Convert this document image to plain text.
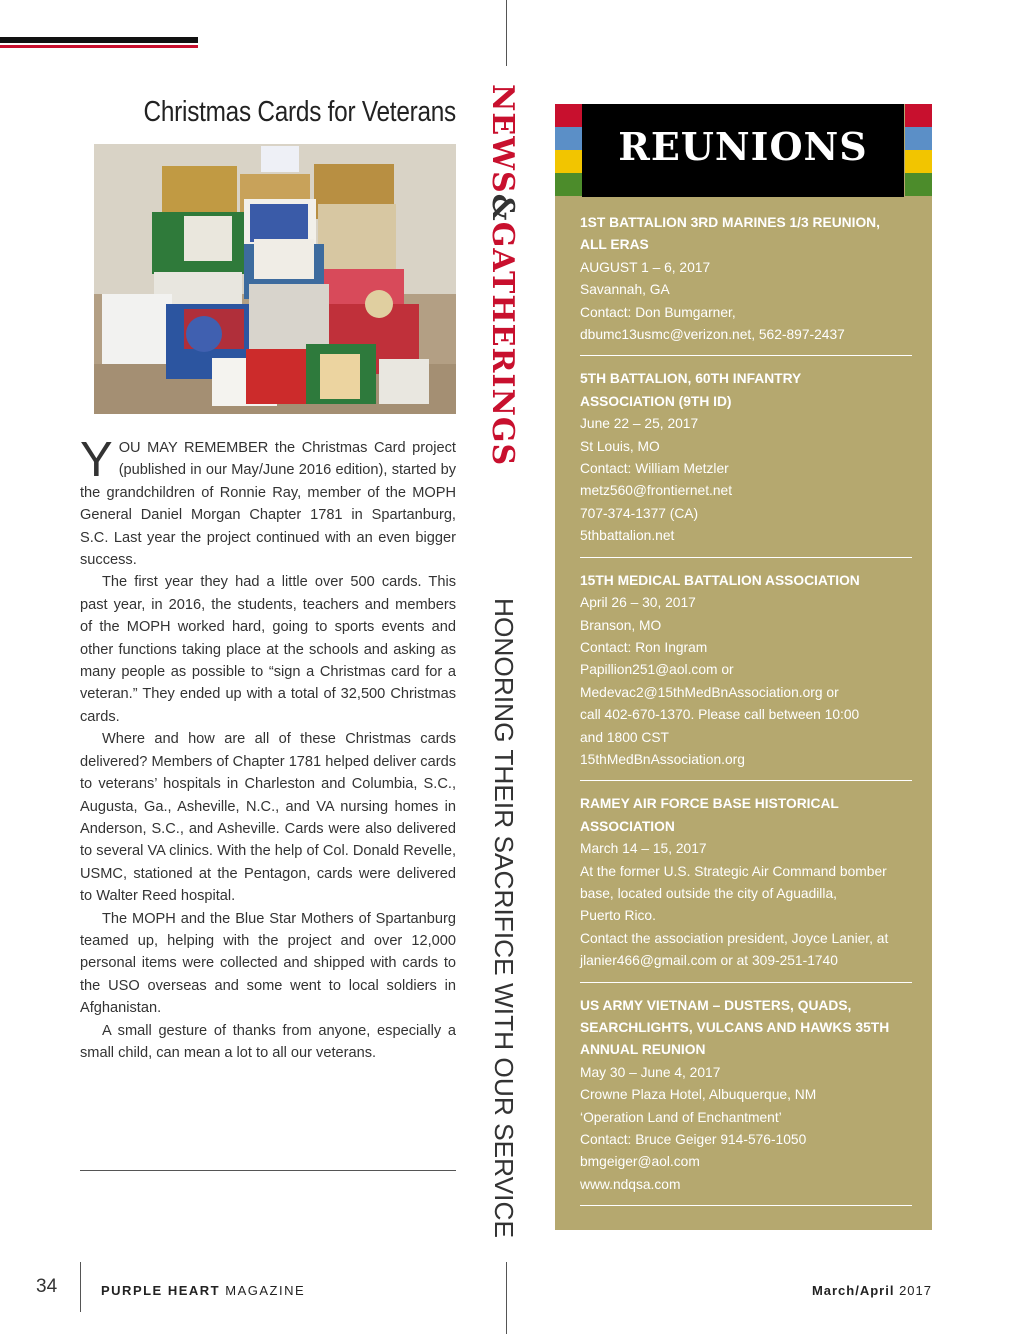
Christmas Cards for Veterans

YOU MAY REMEMBER the Christmas Card project (published in our May/June 2016 edition), started by the grandchildren of Ronnie Ray, member of the MOPH General Daniel Morgan Chapter 1781 in Spartanburg, S.C. Last year the project continued with an even bigger success.

The first year they had a little over 500 cards. This past year, in 2016, the students, teachers and members of the MOPH worked hard, going to sports events and other functions taking place at the schools and asking as many people as possible to “sign a Christmas card for a veteran.” They ended up with a total of 32,500 Christmas cards.

Where and how are all of these Christmas cards delivered? Members of Chapter 1781 helped deliver cards to veterans’ hospitals in Charleston and Columbia, S.C., Augusta, Ga., Asheville, N.C., and VA nursing homes in Anderson, S.C., and Asheville. Cards were also delivered to several VA clinics. With the help of Col. Donald Revelle, USMC, stationed at the Pentagon, cards were delivered to Walter Reed hospital.

The MOPH and the Blue Star Mothers of Spartanburg teamed up, helping with the project and over 12,000 personal items were collected and shipped with cards to the USO overseas and some went to local soldiers in Afghanistan.

A small gesture of thanks from anyone, especially a small child, can mean a lot to all our veterans.

NEWS&GATHERINGS
HONORING THEIR SACRIFICE WITH OUR SERVICE
REUNIONS
1ST BATTALION 3RD MARINES 1/3 REUNION,
ALL ERAS
AUGUST 1 – 6, 2017
Savannah, GA
Contact: Don Bumgarner,
dbumc13usmc@verizon.net, 562-897-2437
5TH BATTALION, 60TH INFANTRY
ASSOCIATION (9TH ID)
June 22 – 25, 2017
St Louis, MO
Contact: William Metzler
metz560@frontiernet.net
707-374-1377 (CA)
5thbattalion.net
15TH MEDICAL BATTALION ASSOCIATION
April 26 – 30, 2017
Branson, MO
Contact: Ron Ingram
Papillion251@aol.com or
Medevac2@15thMedBnAssociation.org or
call 402-670-1370. Please call between 10:00
and 1800 CST
15thMedBnAssociation.org
RAMEY AIR FORCE BASE HISTORICAL
ASSOCIATION
March 14 – 15, 2017
At the former U.S. Strategic Air Command bomber
base, located outside the city of Aguadilla,
Puerto Rico.
Contact the association president, Joyce Lanier, at
jlanier466@gmail.com or at 309-251-1740
US ARMY VIETNAM – DUSTERS, QUADS,
SEARCHLIGHTS, VULCANS AND HAWKS 35TH
ANNUAL REUNION
May 30 – June 4, 2017
Crowne Plaza Hotel, Albuquerque, NM
‘Operation Land of Enchantment’
Contact: Bruce Geiger 914-576-1050
bmgeiger@aol.com
www.ndqsa.com
34	PURPLE HEART MAGAZINE	March/April 2017
